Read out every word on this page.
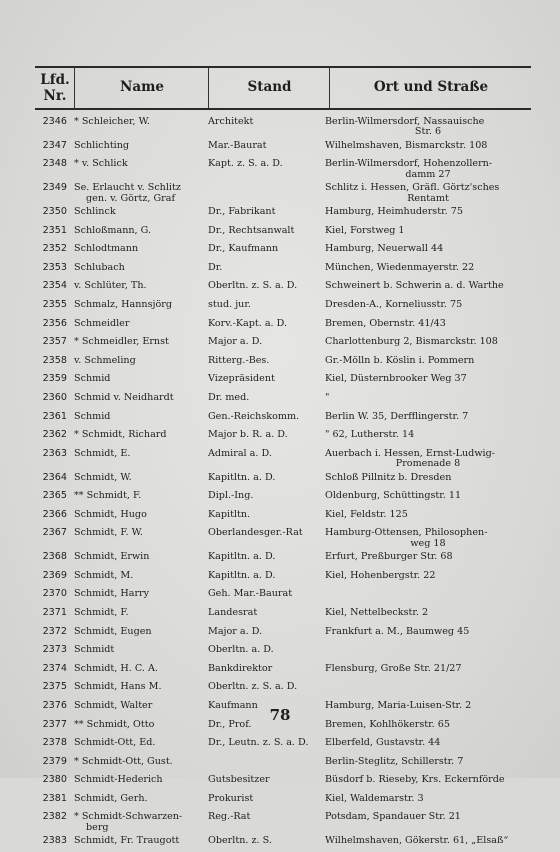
Lfd.
Nr.
Name	Stand	Ort und Straße
2346	* Schleicher, W.	Architekt	Berlin-Wilmersdorf, Nassauische
Str. 6

2347	Schlichting	Mar.-Baurat	Wilhelmshaven, Bismarckstr. 108
2348	* v. Schlick	Kapt. z. S. a. D.	Berlin-Wilmersdorf, Hohenzollern-
damm 27

2349	Se. Erlaucht v. Schlitz
gen. v. Görtz, Graf		Schlitz i. Hessen, Gräfl. Görtz'sches
Rentamt

2350	Schlinck	Dr., Fabrikant	Hamburg, Heimhuderstr. 75
2351	Schloßmann, G.	Dr., Rechtsanwalt	Kiel, Forstweg 1
2352	Schlodtmann	Dr., Kaufmann	Hamburg, Neuerwall 44
2353	Schlubach	Dr.	München, Wiedenmayerstr. 22
2354	v. Schlüter, Th.	Oberltn. z. S. a. D.	Schweinert b. Schwerin a. d. Warthe
2355	Schmalz, Hannsjörg	stud. jur.	Dresden-A., Korneliusstr. 75
2356	Schmeidler	Korv.-Kapt. a. D.	Bremen, Obernstr. 41/43
2357	* Schmeidler, Ernst	Major a. D.	Charlottenburg 2, Bismarckstr. 108
2358	v. Schmeling	Ritterg.-Bes.	Gr.-Mölln b. Köslin i. Pommern
2359	Schmid	Vizepräsident	Kiel, Düsternbrooker Weg 37
2360	Schmid v. Neidhardt	Dr. med.	"
2361	Schmid	Gen.-Reichskomm.	Berlin W. 35, Derfflingerstr. 7
2362	* Schmidt, Richard	Major b. R. a. D.	" 62, Lutherstr. 14
2363	Schmidt, E.	Admiral a. D.	Auerbach i. Hessen, Ernst-Ludwig-
Promenade 8

2364	Schmidt, W.	Kapitltn. a. D.	Schloß Pillnitz b. Dresden
2365	** Schmidt, F.	Dipl.-Ing.	Oldenburg, Schüttingstr. 11
2366	Schmidt, Hugo	Kapitltn.	Kiel, Feldstr. 125
2367	Schmidt, F. W.	Oberlandesger.-Rat	Hamburg-Ottensen, Philosophen-
weg 18

2368	Schmidt, Erwin	Kapitltn. a. D.	Erfurt, Preßburger Str. 68
2369	Schmidt, M.	Kapitltn. a. D.	Kiel, Hohenbergstr. 22
2370	Schmidt, Harry	Geh. Mar.-Baurat	
2371	Schmidt, F.	Landesrat	Kiel, Nettelbeckstr. 2
2372	Schmidt, Eugen	Major a. D.	Frankfurt a. M., Baumweg 45
2373	Schmidt	Oberltn. a. D.	
2374	Schmidt, H. C. A.	Bankdirektor	Flensburg, Große Str. 21/27
2375	Schmidt, Hans M.	Oberltn. z. S. a. D.	
2376	Schmidt, Walter	Kaufmann	Hamburg, Maria-Luisen-Str. 2
2377	** Schmidt, Otto	Dr., Prof.	Bremen, Kohlhökerstr. 65
2378	Schmidt-Ott, Ed.	Dr., Leutn. z. S. a. D.	Elberfeld, Gustavstr. 44
2379	* Schmidt-Ott, Gust.		Berlin-Steglitz, Schillerstr. 7
2380	Schmidt-Hederich	Gutsbesitzer	Büsdorf b. Rieseby, Krs. Eckernförde
2381	Schmidt, Gerh.	Prokurist	Kiel, Waldemarstr. 3
2382	* Schmidt-Schwarzen-
berg	Reg.-Rat	Potsdam, Spandauer Str. 21
2383	Schmidt, Fr. Traugott	Oberltn. z. S.	Wilhelmshaven, Gökerstr. 61, „Elsaß“
78
